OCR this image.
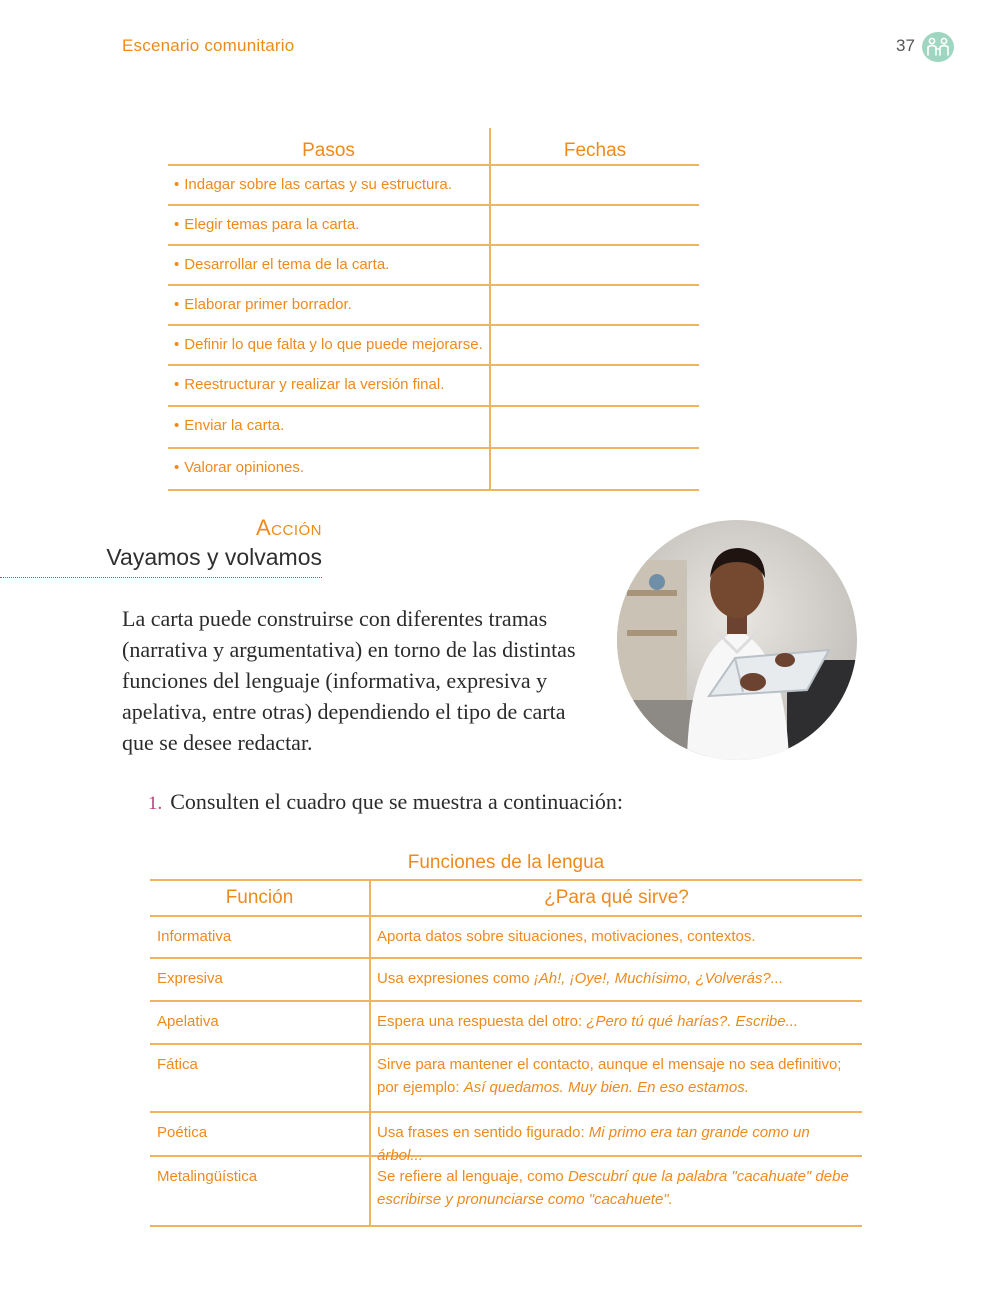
Escenario comunitario	37
Pasos	Fechas
• Indagar sobre las cartas y su estructura.
• Elegir temas para la carta.
• Desarrollar el tema de la carta.
• Elaborar primer borrador.
• Definir lo que falta y lo que puede mejorarse.
• Reestructurar y realizar la versión final.
• Enviar la carta.
• Valorar opiniones.
Acción
Vayamos y volvamos
La carta puede construirse con diferentes tramas (narrativa y argumentativa) en torno de las distintas funciones del lenguaje (informativa, expresiva y apelativa, entre otras) dependiendo el tipo de carta que se desee redactar.
1. Consulten el cuadro que se muestra a continuación:
Funciones de la lengua
Función	¿Para qué sirve?
Informativa	Aporta datos sobre situaciones, motivaciones, contextos.
Expresiva	Usa expresiones como ¡Ah!, ¡Oye!, Muchísimo, ¿Volverás?...
Apelativa	Espera una respuesta del otro: ¿Pero tú qué harías?. Escribe...
Fática	Sirve para mantener el contacto, aunque el mensaje no sea definitivo; por ejemplo: Así quedamos. Muy bien. En eso estamos.
Poética	Usa frases en sentido figurado: Mi primo era tan grande como un árbol...
Metalingüística	Se refiere al lenguaje, como Descubrí que la palabra "cacahuate" debe escribirse y pronunciarse como "cacahuete".
